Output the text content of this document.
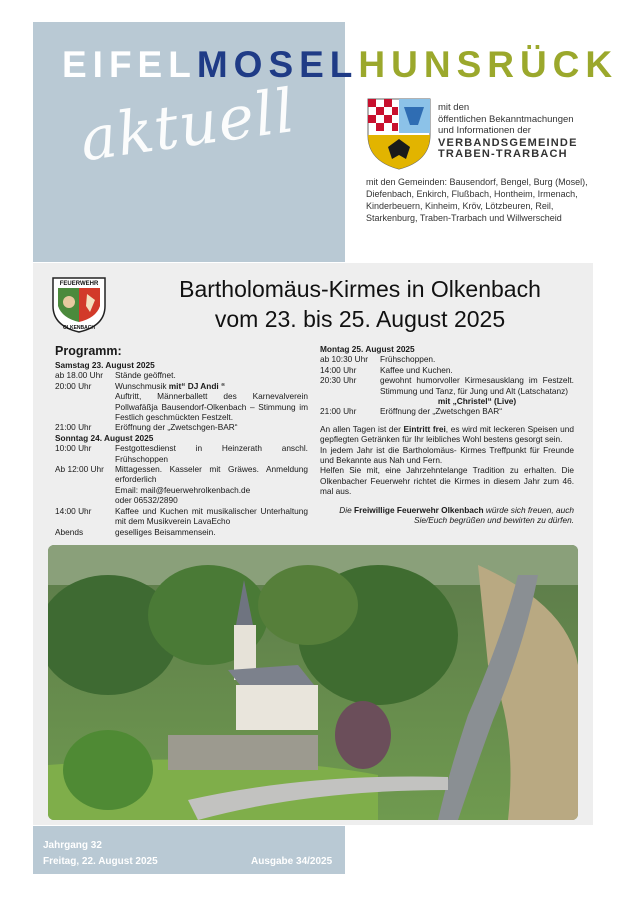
EIFELMOSELHUNSRÜCK
aktuell	mit den
öffentlichen Bekanntmachungen
und Informationen der
VERBANDSGEMEINDE
TRABEN-TRARBACH
mit den Gemeinden: Bausendorf, Bengel, Burg (Mosel), Diefenbach, Enkirch, Flußbach, Hontheim, Irmenach, Kinderbeuern, Kinheim, Kröv, Lötzbeuren, Reil, Starkenburg, Traben-Trarbach und Willwerscheid
FEUERWEHR
OLKENBACH
Bartholomäus-Kirmes in Olkenbach
vom 23. bis 25. August 2025
Programm:
Samstag 23. August 2025
ab 18.00 Uhr	Stände geöffnet.
20:00 Uhr	Wunschmusik mit“ DJ Andi “
Auftritt, Männerballett des Karnevalverein Pollwafäßja Bausendorf-Olkenbach – Stimmung im Festlich geschmückten Festzelt.
21:00 Uhr	Eröffnung der „Zwetschgen-BAR“
Sonntag 24. August 2025
10:00 Uhr	Festgottesdienst in Heinzerath anschl. Frühschoppen
Ab 12:00 Uhr	Mittagessen. Kasseler mit Gräwes. Anmeldung erforderlich
Email: mail@feuerwehrolkenbach.de
oder 06532/2890
14:00 Uhr	Kaffee und Kuchen mit musikalischer Unterhaltung mit dem Musikverein LavaEcho
Abends	geselliges Beisammensein.
Montag 25. August 2025
ab 10:30 Uhr	Frühschoppen.
14:00 Uhr	Kaffee und Kuchen.
20:30 Uhr	gewohnt humorvoller Kirmesausklang im Festzelt. Stimmung und Tanz, für Jung und Alt (Latschatanz)
mit „Christel“ (Live)
21:00 Uhr	Eröffnung der „Zwetschgen BAR“

An allen Tagen ist der Eintritt frei, es wird mit leckeren Speisen und gepflegten Getränken für Ihr leibliches Wohl bestens gesorgt sein.

In jedem Jahr ist die Bartholomäus- Kirmes Treffpunkt für Freunde und Bekannte aus Nah und Fern.

Helfen Sie mit, eine Jahrzehntelange Tradition zu erhalten. Die Olkenbacher Feuerwehr richtet die Kirmes in diesem Jahr zum 46. mal aus.

Die Freiwillige Feuerwehr Olkenbach würde sich freuen, auch Sie/Euch begrüßen und bewirten zu dürfen.

Jahrgang 32
Freitag, 22. August 2025	Ausgabe 34/2025
